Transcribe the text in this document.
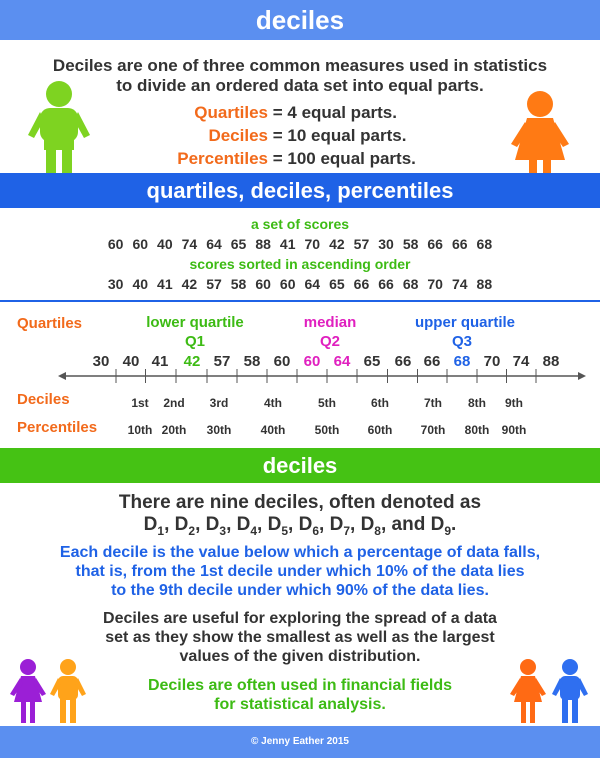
deciles
Deciles are one of three common measures used in statistics
to divide an ordered data set into equal parts.
Quartiles = 4 equal parts.
Deciles = 10 equal parts.
Percentiles = 100 equal parts.
quartiles, deciles, percentiles
a set of scores
60 60 40 74 64 65 88 41 70 42 57 30 58 66 66 68
scores sorted in ascending order
30 40 41 42 57 58 60 60 64 65 66 66 68 70 74 88
Quartiles	lower quartile
Q1
median
Q2
upper quartile
Q3
30 40 41 42 57 58 60 60 64 65 66 66 68 70 74 88
Deciles	1st	2nd	3rd	4th	5th	6th	7th	8th	9th
Percentiles	10th 20th	30th	40th	50th	60th	70th	80th	90th
deciles
There are nine deciles, often denoted as
$D_1$, $D_2$, $D_3$, $D_4$, $D_5$, $D_6$, $D_7$, $D_8$, and $D_9$.
Each decile is the value below which a percentage of data falls,
that is, from the 1st decile under which 10% of the data lies
to the 9th decile under which 90% of the data lies.
Deciles are useful for exploring the spread of a data
set as they show the smallest as well as the largest
values of the given distribution.
Deciles are often used in financial fields
for statistical analysis.
© Jenny Eather 2015
